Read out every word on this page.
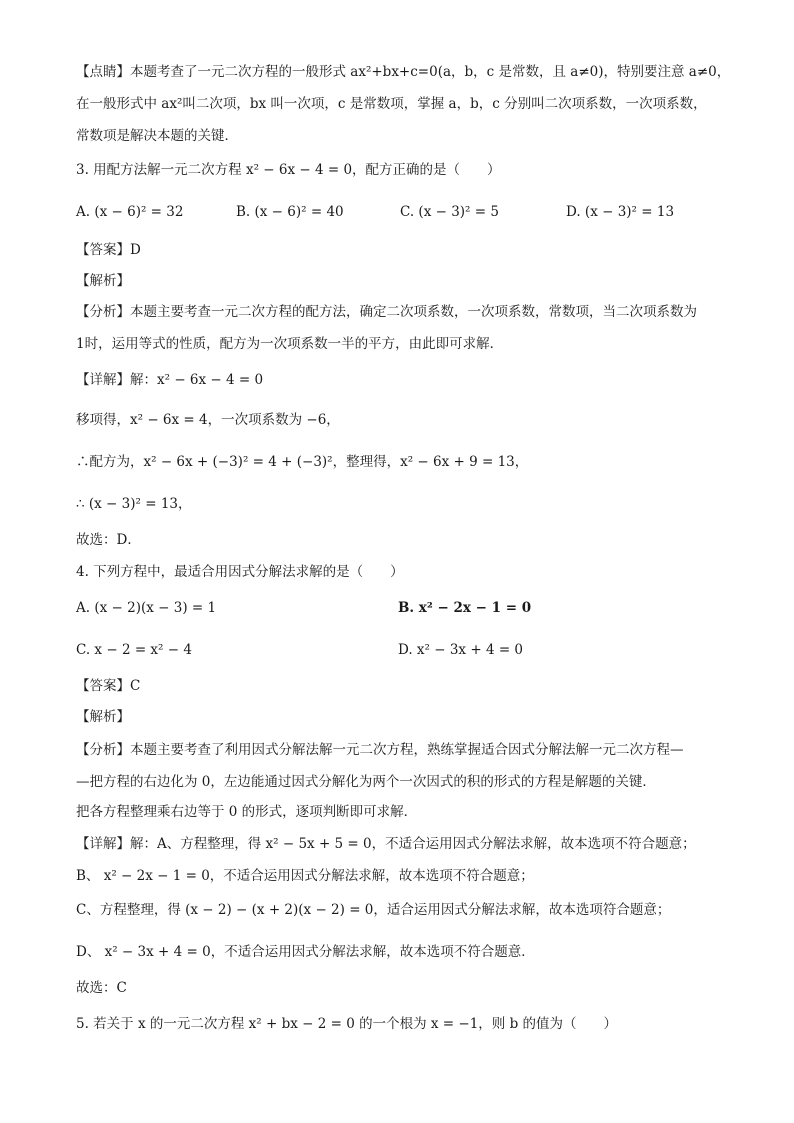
【点睛】本题考查了一元二次方程的一般形式 ax²+bx+c=0(a，b，c 是常数，且 a≠0)，特别要注意 a≠0，
在一般形式中 ax²叫二次项，bx 叫一次项，c 是常数项，掌握 a，b，c 分别叫二次项系数，一次项系数，
常数项是解决本题的关键．
3. 用配方法解一元二次方程 x² − 6x − 4 = 0，配方正确的是（　　）
A. (x − 6)² = 32	B. (x − 6)² = 40	C. (x − 3)² = 5	D. (x − 3)² = 13
【答案】D
【解析】
【分析】本题主要考查一元二次方程的配方法，确定二次项系数，一次项系数，常数项，当二次项系数为
1时，运用等式的性质，配方为一次项系数一半的平方，由此即可求解．
【详解】解：x² − 6x − 4 = 0
移项得，x² − 6x = 4，一次项系数为 −6，
∴配方为，x² − 6x + (−3)² = 4 + (−3)²，整理得，x² − 6x + 9 = 13，
∴ (x − 3)² = 13，
故选：D．
4. 下列方程中，最适合用因式分解法求解的是（　　）
A. (x − 2)(x − 3) = 1	B. x² − 2x − 1 = 0
C. x − 2 = x² − 4	D. x² − 3x + 4 = 0
【答案】C
【解析】
【分析】本题主要考查了利用因式分解法解一元二次方程，熟练掌握适合因式分解法解一元二次方程—
—把方程的右边化为 0，左边能通过因式分解化为两个一次因式的积的形式的方程是解题的关键．
把各方程整理乘右边等于 0 的形式，逐项判断即可求解．
【详解】解：A、方程整理，得 x² − 5x + 5 = 0，不适合运用因式分解法求解，故本选项不符合题意；
B、 x² − 2x − 1 = 0，不适合运用因式分解法求解，故本选项不符合题意；
C、方程整理，得 (x − 2) − (x + 2)(x − 2) = 0，适合运用因式分解法求解，故本选项符合题意；
D、 x² − 3x + 4 = 0，不适合运用因式分解法求解，故本选项不符合题意．
故选：C
5. 若关于 x 的一元二次方程 x² + bx − 2 = 0 的一个根为 x = −1，则 b 的值为（　　）
